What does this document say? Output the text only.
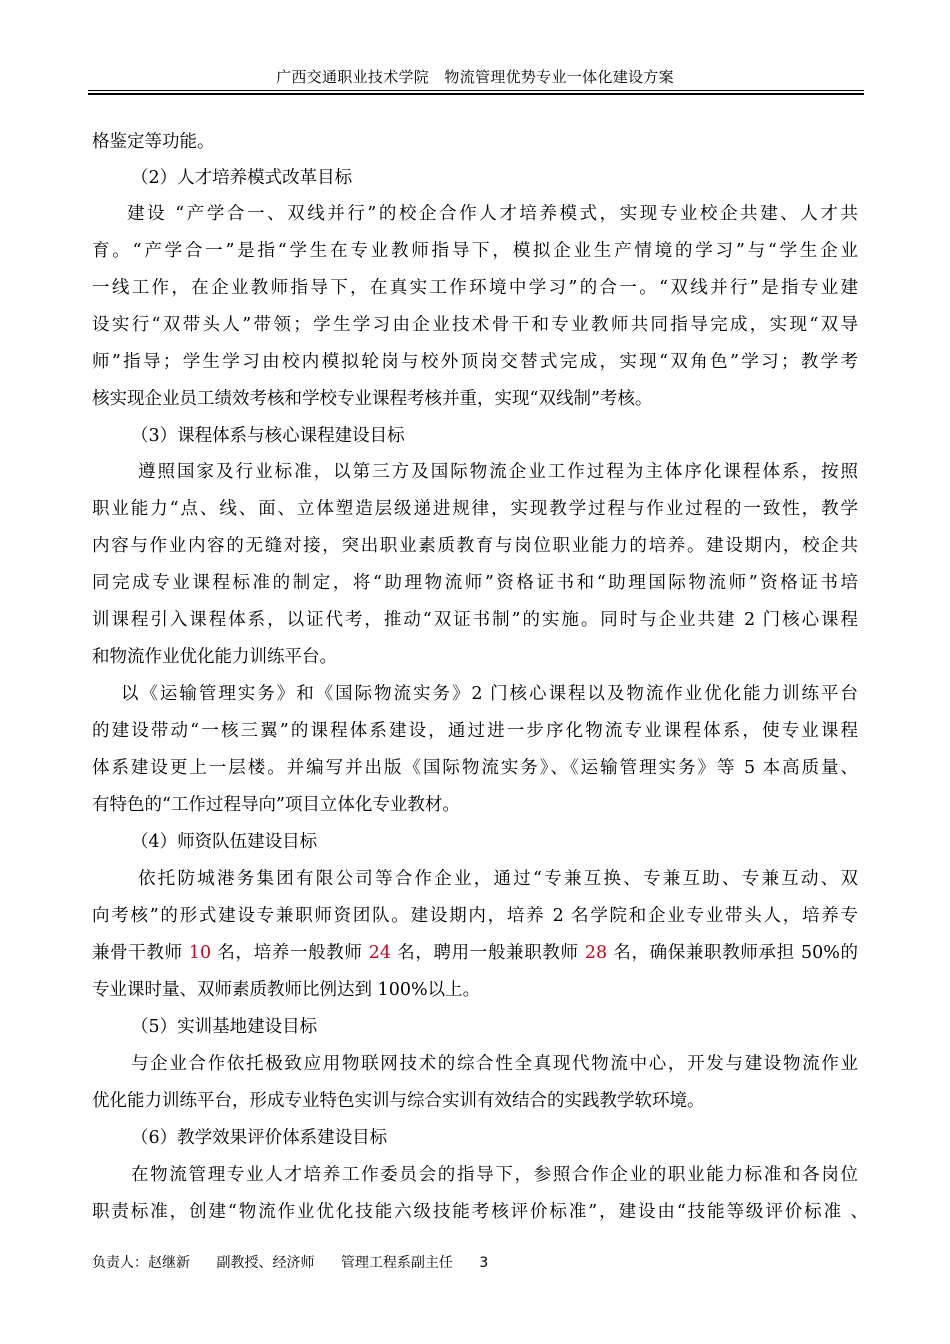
广西交通职业技术学院　物流管理优势专业一体化建设方案
格鉴定等功能。
（2）人才培养模式改革目标
建设 “产学合一、双线并行”的校企合作人才培养模式，实现专业校企共建、人才共
育。“产学合一”是指“学生在专业教师指导下，模拟企业生产情境的学习”与“学生企业
一线工作，在企业教师指导下，在真实工作环境中学习”的合一。“双线并行”是指专业建
设实行“双带头人”带领；学生学习由企业技术骨干和专业教师共同指导完成，实现“双导
师”指导；学生学习由校内模拟轮岗与校外顶岗交替式完成，实现“双角色”学习；教学考
核实现企业员工绩效考核和学校专业课程考核并重，实现“双线制”考核。
（3）课程体系与核心课程建设目标
遵照国家及行业标准，以第三方及国际物流企业工作过程为主体序化课程体系，按照
职业能力“点、线、面、立体塑造层级递进规律，实现教学过程与作业过程的一致性，教学
内容与作业内容的无缝对接，突出职业素质教育与岗位职业能力的培养。建设期内，校企共
同完成专业课程标准的制定，将“助理物流师”资格证书和“助理国际物流师”资格证书培
训课程引入课程体系，以证代考，推动“双证书制”的实施。同时与企业共建 2 门核心课程
和物流作业优化能力训练平台。
以《运输管理实务》和《国际物流实务》2 门核心课程以及物流作业优化能力训练平台
的建设带动“一核三翼”的课程体系建设，通过进一步序化物流专业课程体系，使专业课程
体系建设更上一层楼。并编写并出版《国际物流实务》、《运输管理实务》等 5 本高质量、
有特色的“工作过程导向”项目立体化专业教材。
（4）师资队伍建设目标
依托防城港务集团有限公司等合作企业，通过“专兼互换、专兼互助、专兼互动、双
向考核”的形式建设专兼职师资团队。建设期内，培养 2 名学院和企业专业带头人，培养专
兼骨干教师 10 名，培养一般教师 24 名，聘用一般兼职教师 28 名，确保兼职教师承担 50%的
专业课时量、双师素质教师比例达到 100%以上。
（5）实训基地建设目标
与企业合作依托极致应用物联网技术的综合性全真现代物流中心，开发与建设物流作业
优化能力训练平台，形成专业特色实训与综合实训有效结合的实践教学软环境。
（6）教学效果评价体系建设目标
在物流管理专业人才培养工作委员会的指导下，参照合作企业的职业能力标准和各岗位
职责标准，创建“物流作业优化技能六级技能考核评价标准”，建设由“技能等级评价标准 、
负责人：赵继新 副教授、经济师 管理工程系副主任 3
